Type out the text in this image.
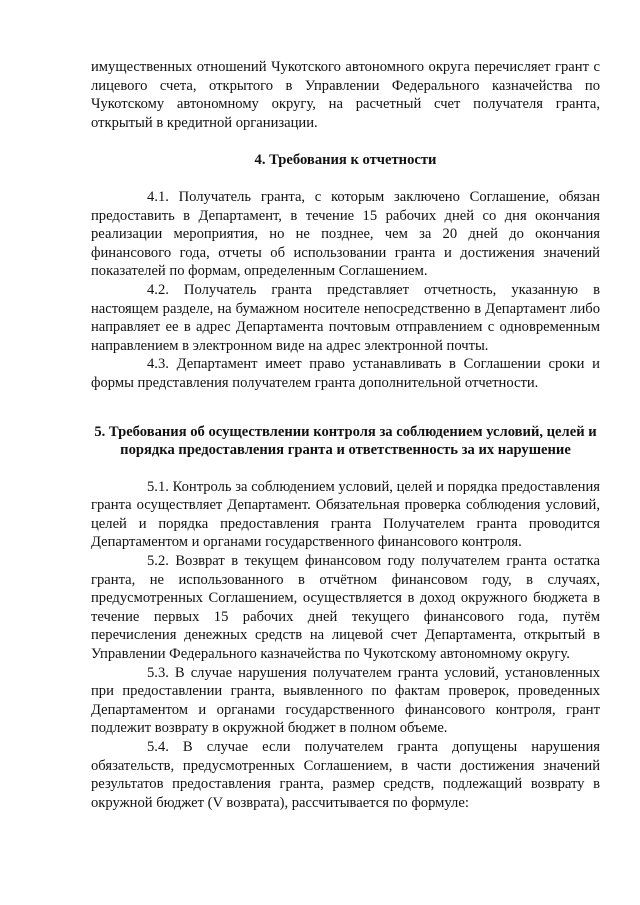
имущественных отношений Чукотского автономного округа перечисляет грант с лицевого счета, открытого в Управлении Федерального казначейства по Чукотскому автономному округу, на расчетный счет получателя гранта, открытый в кредитной организации.

4. Требования к отчетности

4.1. Получатель гранта, с которым заключено Соглашение, обязан предоставить в Департамент, в течение 15 рабочих дней со дня окончания реализации мероприятия, но не позднее, чем за 20 дней до окончания финансового года, отчеты об использовании гранта и достижения значений показателей по формам, определенным Соглашением.

4.2. Получатель гранта представляет отчетность, указанную в настоящем разделе, на бумажном носителе непосредственно в Департамент либо направляет ее в адрес Департамента почтовым отправлением с одновременным направлением в электронном виде на адрес электронной почты.

4.3. Департамент имеет право устанавливать в Соглашении сроки и формы представления получателем гранта дополнительной отчетности.

5. Требования об осуществлении контроля за соблюдением условий, целей и порядка предоставления гранта и ответственность за их нарушение

5.1. Контроль за соблюдением условий, целей и порядка предоставления гранта осуществляет Департамент. Обязательная проверка соблюдения условий, целей и порядка предоставления гранта Получателем гранта проводится Департаментом и органами государственного финансового контроля.

5.2. Возврат в текущем финансовом году получателем гранта остатка гранта, не использованного в отчётном финансовом году, в случаях, предусмотренных Соглашением, осуществляется в доход окружного бюджета в течение первых 15 рабочих дней текущего финансового года, путём перечисления денежных средств на лицевой счет Департамента, открытый в Управлении Федерального казначейства по Чукотскому автономному округу.

5.3. В случае нарушения получателем гранта условий, установленных при предоставлении гранта, выявленного по фактам проверок, проведенных Департаментом и органами государственного финансового контроля, грант подлежит возврату в окружной бюджет в полном объеме.

5.4. В случае если получателем гранта допущены нарушения обязательств, предусмотренных Соглашением, в части достижения значений результатов предоставления гранта, размер средств, подлежащий возврату в окружной бюджет (V возврата), рассчитывается по формуле:
